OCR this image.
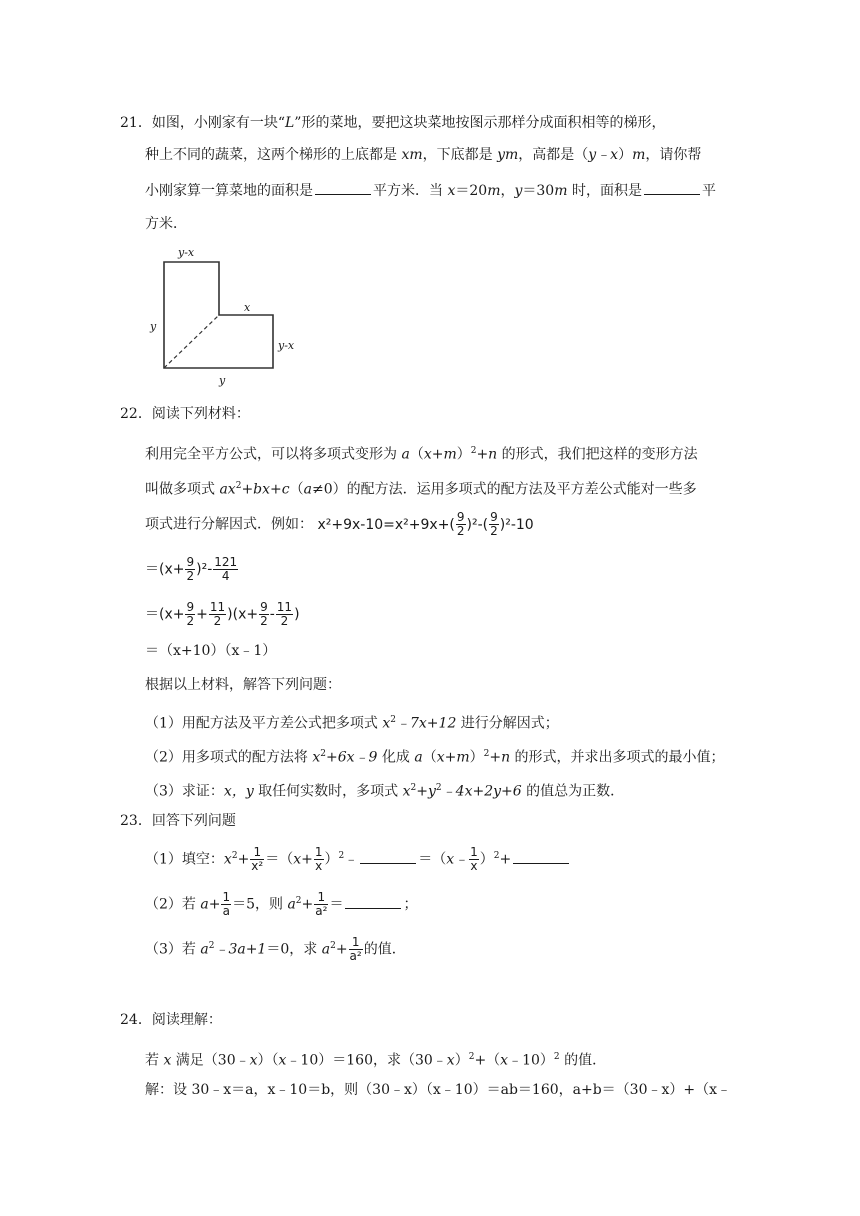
21．如图，小刚家有一块“L”形的菜地，要把这块菜地按图示那样分成面积相等的梯形，
种上不同的蔬菜，这两个梯形的上底都是 xm，下底都是 ym，高都是（y﹣x）m，请你帮
小刚家算一算菜地的面积是	平方米．当 x＝20m，y＝30m 时，面积是	平
方米．
y-x
y
x
y-x
y
22．阅读下列材料：
利用完全平方公式，可以将多项式变形为 $a(x+m)^2+n$ 的形式，我们把这样的变形方法
叫做多项式 $ax^2+bx+c(a\ne 0)$的配方法．运用多项式的配方法及平方差公式能对一些多
项式进行分解因式．例如： $x^2+9x-10=x^2+9x+( \frac{9}{2} )^2-( \frac{9}{2} )^2-10$
$=(x+ \frac{9}{2} )^2- \frac{121}{4}$
$=(x+ \frac{9}{2} + \frac{11}{2} )(x+ \frac{9}{2} - \frac{11}{2}$ )
＝（x+10）（x﹣1）
根据以上材料，解答下列问题：
（1）用配方法及平方差公式把多项式 $x^2﹣7x+12$ 进行分解因式；
（2）用多项式的配方法将 $x^2+6x﹣9$ 化成 $a(x+m)^2+n$ 的形式，并求出多项式的最小值；
（3）求证：x，y 取任何实数时，多项式 $x^2+y^2﹣4x+2y+6$ 的值总为正数．
23．回答下列问题
（1）填空：$x^2+ \frac{1}{\text{x²}} =(x+ \frac{1}{x}$ ）$^2﹣$	＝（x﹣ $\frac{1}{x} )^2+$
（2）若 $a+ \frac{1}{a} =5$，则 $a^2+ \frac{1}{\text{a²}}$ ＝	；
（3）若 $a^2﹣3a+1=0$，求 $a^2+ \frac{1}{\text{a²}}$ 的值．
24．阅读理解：
若 x 满足（30﹣x）（x﹣10）＝160，求（30﹣x）$^2$+（x﹣10）$^2$ 的值．
解：设 30﹣x＝a，x﹣10＝b，则（30﹣x）（x﹣10）＝ab＝160，a+b＝（30﹣x）+（x﹣
